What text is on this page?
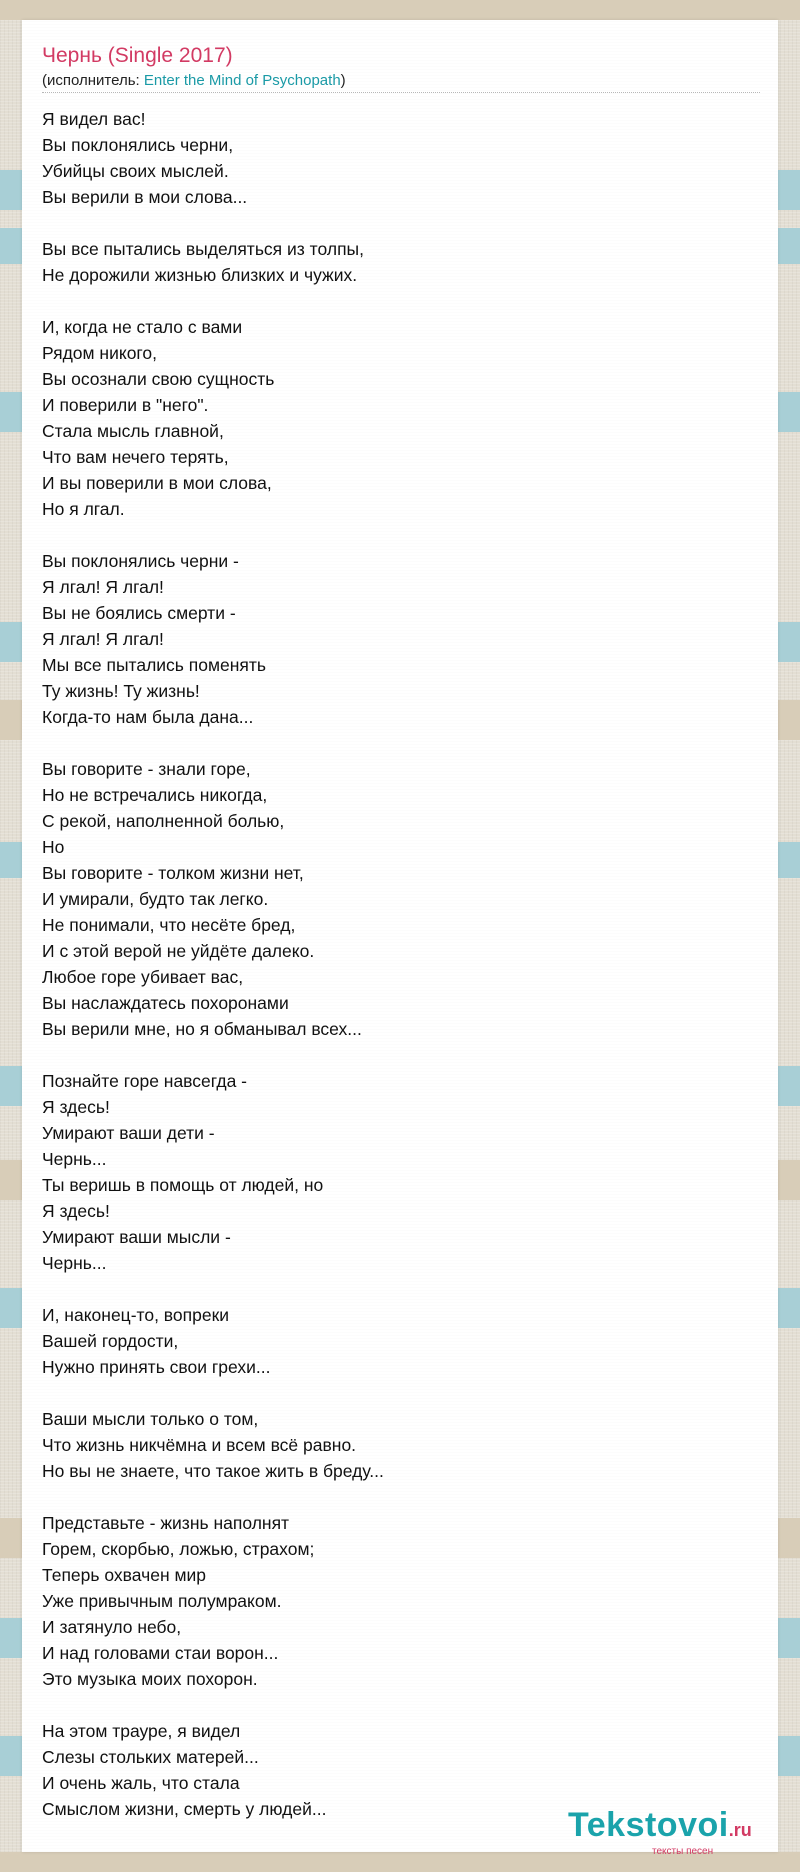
Чернь (Single 2017)
(исполнитель: Enter the Mind of Psychopath)
Я видел вас!
Вы поклонялись черни,
Убийцы своих мыслей.
Вы верили в мои слова...
Вы все пытались выделяться из толпы,
Не дорожили жизнью близких и чужих.
И, когда не стало с вами
Рядом никого,
Вы осознали свою сущность
И поверили в "него".
Стала мысль главной,
Что вам нечего терять,
И вы поверили в мои слова,
Но я лгал.
Вы поклонялись черни -
Я лгал! Я лгал!
Вы не боялись смерти -
Я лгал! Я лгал!
Мы все пытались поменять
Ту жизнь! Ту жизнь!
Когда-то нам была дана...
Вы говорите - знали горе,
Но не встречались никогда,
С рекой, наполненной болью,
Но
Вы говорите - толком жизни нет,
И умирали, будто так легко.
Не понимали, что несёте бред,
И с этой верой не уйдёте далеко.
Любое горе убивает вас,
Вы наслаждатесь похоронами
Вы верили мне, но я обманывал всех...
Познайте горе навсегда -
Я здесь!
Умирают ваши дети -
Чернь...
Ты веришь в помощь от людей, но
Я здесь!
Умирают ваши мысли -
Чернь...
И, наконец-то, вопреки
Вашей гордости,
Нужно принять свои грехи...
Ваши мысли только о том,
Что жизнь никчёмна и всем всё равно.
Но вы не знаете, что такое жить в бреду...
Представьте - жизнь наполнят
Горем, скорбью, ложью, страхом;
Теперь охвачен мир
Уже привычным полумраком.
И затянуло небо,
И над головами стаи ворон...
Это музыка моих похорон.
На этом трауре, я видел
Слезы стольких матерей...
И очень жаль, что стала
Смыслом жизни, смерть у людей...	Tekstovoi.ru
тексты песен
